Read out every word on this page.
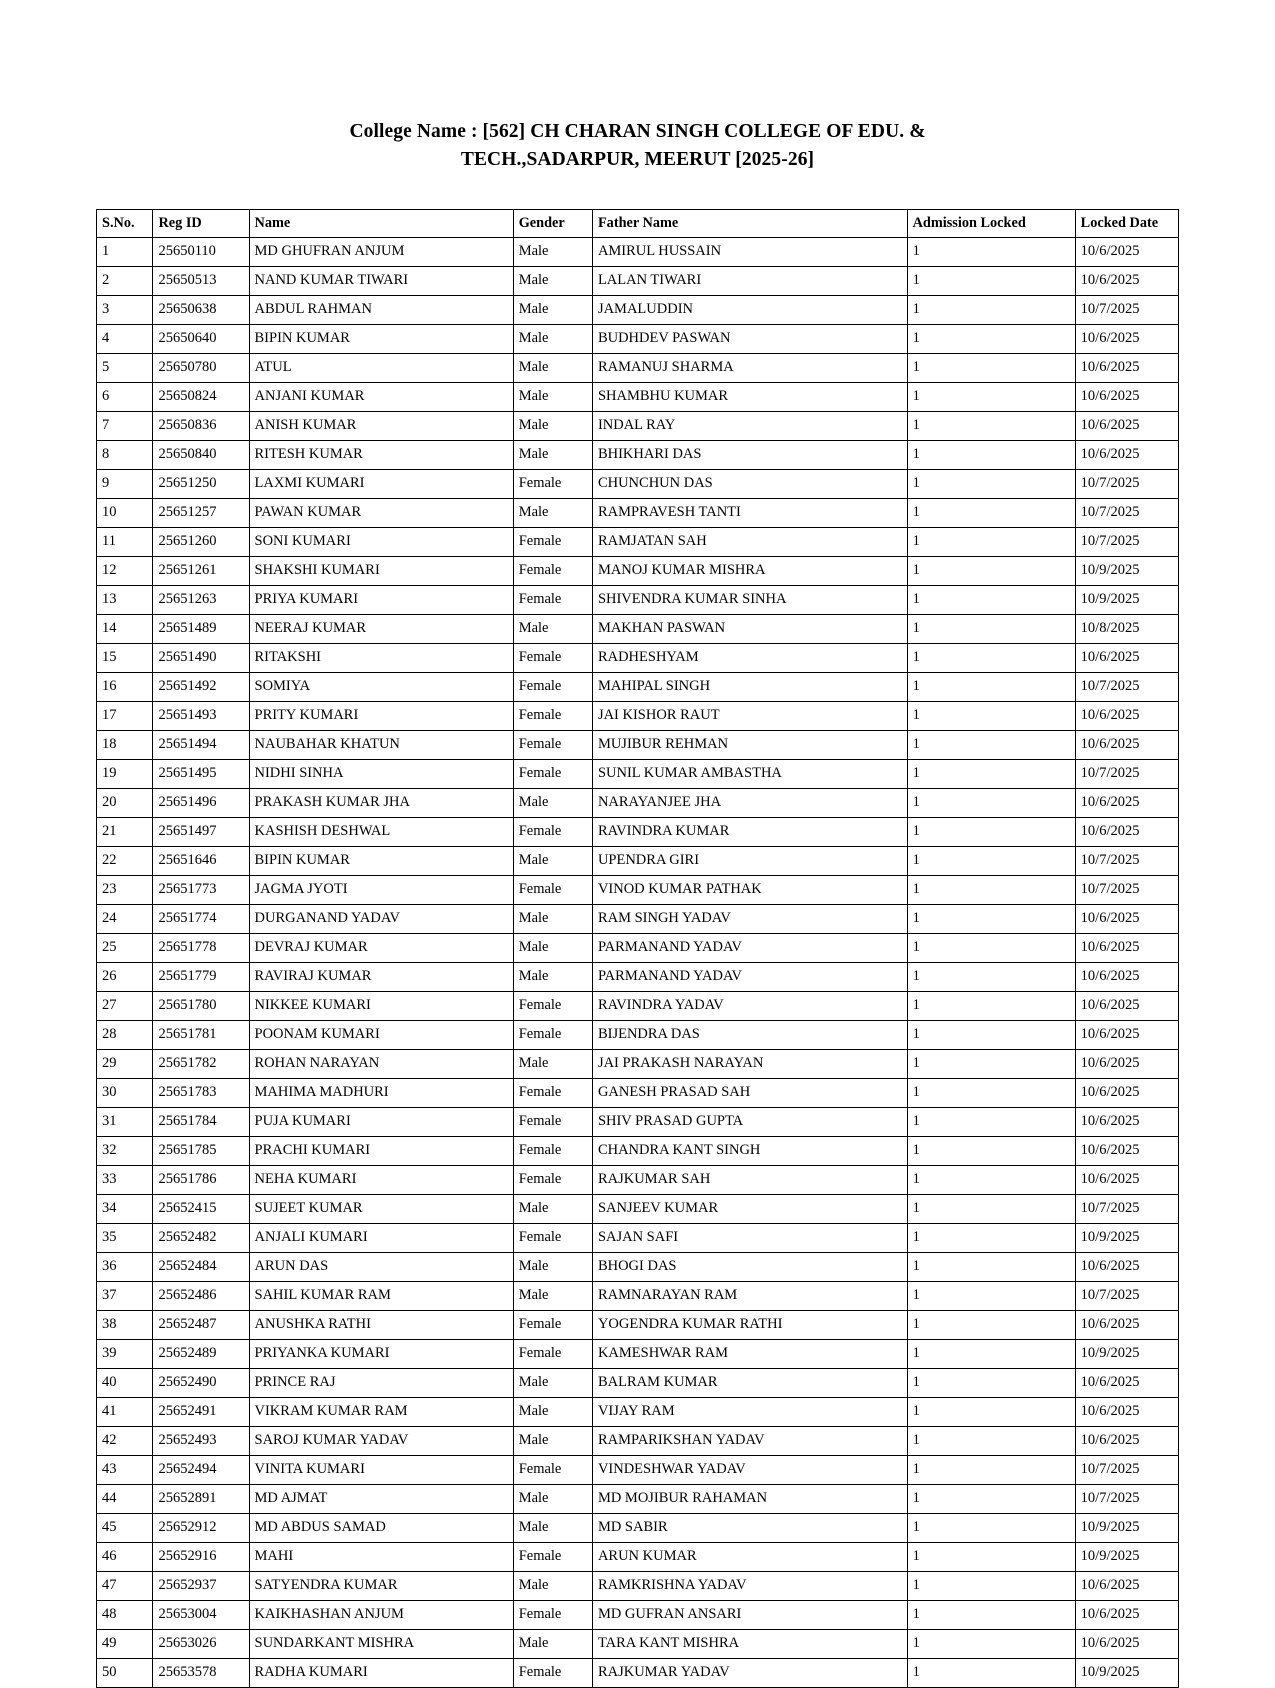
College Name : [562] CH CHARAN SINGH COLLEGE OF EDU. &
TECH.,SADARPUR, MEERUT [2025-26]
S.No.	Reg ID	Name	Gender	Father Name	Admission Locked	Locked Date
1	25650110	MD GHUFRAN ANJUM	Male	AMIRUL HUSSAIN	1	10/6/2025
2	25650513	NAND KUMAR TIWARI	Male	LALAN TIWARI	1	10/6/2025
3	25650638	ABDUL RAHMAN	Male	JAMALUDDIN	1	10/7/2025
4	25650640	BIPIN KUMAR	Male	BUDHDEV PASWAN	1	10/6/2025
5	25650780	ATUL	Male	RAMANUJ SHARMA	1	10/6/2025
6	25650824	ANJANI KUMAR	Male	SHAMBHU KUMAR	1	10/6/2025
7	25650836	ANISH KUMAR	Male	INDAL RAY	1	10/6/2025
8	25650840	RITESH KUMAR	Male	BHIKHARI DAS	1	10/6/2025
9	25651250	LAXMI KUMARI	Female	CHUNCHUN DAS	1	10/7/2025
10	25651257	PAWAN KUMAR	Male	RAMPRAVESH TANTI	1	10/7/2025
11	25651260	SONI KUMARI	Female	RAMJATAN SAH	1	10/7/2025
12	25651261	SHAKSHI KUMARI	Female	MANOJ KUMAR MISHRA	1	10/9/2025
13	25651263	PRIYA KUMARI	Female	SHIVENDRA KUMAR SINHA	1	10/9/2025
14	25651489	NEERAJ KUMAR	Male	MAKHAN PASWAN	1	10/8/2025
15	25651490	RITAKSHI	Female	RADHESHYAM	1	10/6/2025
16	25651492	SOMIYA	Female	MAHIPAL SINGH	1	10/7/2025
17	25651493	PRITY KUMARI	Female	JAI KISHOR RAUT	1	10/6/2025
18	25651494	NAUBAHAR KHATUN	Female	MUJIBUR REHMAN	1	10/6/2025
19	25651495	NIDHI SINHA	Female	SUNIL KUMAR AMBASTHA	1	10/7/2025
20	25651496	PRAKASH KUMAR JHA	Male	NARAYANJEE JHA	1	10/6/2025
21	25651497	KASHISH DESHWAL	Female	RAVINDRA KUMAR	1	10/6/2025
22	25651646	BIPIN KUMAR	Male	UPENDRA GIRI	1	10/7/2025
23	25651773	JAGMA JYOTI	Female	VINOD KUMAR PATHAK	1	10/7/2025
24	25651774	DURGANAND YADAV	Male	RAM SINGH YADAV	1	10/6/2025
25	25651778	DEVRAJ KUMAR	Male	PARMANAND YADAV	1	10/6/2025
26	25651779	RAVIRAJ KUMAR	Male	PARMANAND YADAV	1	10/6/2025
27	25651780	NIKKEE KUMARI	Female	RAVINDRA YADAV	1	10/6/2025
28	25651781	POONAM KUMARI	Female	BIJENDRA DAS	1	10/6/2025
29	25651782	ROHAN NARAYAN	Male	JAI PRAKASH NARAYAN	1	10/6/2025
30	25651783	MAHIMA MADHURI	Female	GANESH PRASAD SAH	1	10/6/2025
31	25651784	PUJA KUMARI	Female	SHIV PRASAD GUPTA	1	10/6/2025
32	25651785	PRACHI KUMARI	Female	CHANDRA KANT SINGH	1	10/6/2025
33	25651786	NEHA KUMARI	Female	RAJKUMAR SAH	1	10/6/2025
34	25652415	SUJEET KUMAR	Male	SANJEEV KUMAR	1	10/7/2025
35	25652482	ANJALI KUMARI	Female	SAJAN SAFI	1	10/9/2025
36	25652484	ARUN DAS	Male	BHOGI DAS	1	10/6/2025
37	25652486	SAHIL KUMAR RAM	Male	RAMNARAYAN RAM	1	10/7/2025
38	25652487	ANUSHKA RATHI	Female	YOGENDRA KUMAR RATHI	1	10/6/2025
39	25652489	PRIYANKA KUMARI	Female	KAMESHWAR RAM	1	10/9/2025
40	25652490	PRINCE RAJ	Male	BALRAM KUMAR	1	10/6/2025
41	25652491	VIKRAM KUMAR RAM	Male	VIJAY RAM	1	10/6/2025
42	25652493	SAROJ KUMAR YADAV	Male	RAMPARIKSHAN YADAV	1	10/6/2025
43	25652494	VINITA KUMARI	Female	VINDESHWAR YADAV	1	10/7/2025
44	25652891	MD AJMAT	Male	MD MOJIBUR RAHAMAN	1	10/7/2025
45	25652912	MD ABDUS SAMAD	Male	MD SABIR	1	10/9/2025
46	25652916	MAHI	Female	ARUN KUMAR	1	10/9/2025
47	25652937	SATYENDRA KUMAR	Male	RAMKRISHNA YADAV	1	10/6/2025
48	25653004	KAIKHASHAN ANJUM	Female	MD GUFRAN ANSARI	1	10/6/2025
49	25653026	SUNDARKANT MISHRA	Male	TARA KANT MISHRA	1	10/6/2025
50	25653578	RADHA KUMARI	Female	RAJKUMAR YADAV	1	10/9/2025
